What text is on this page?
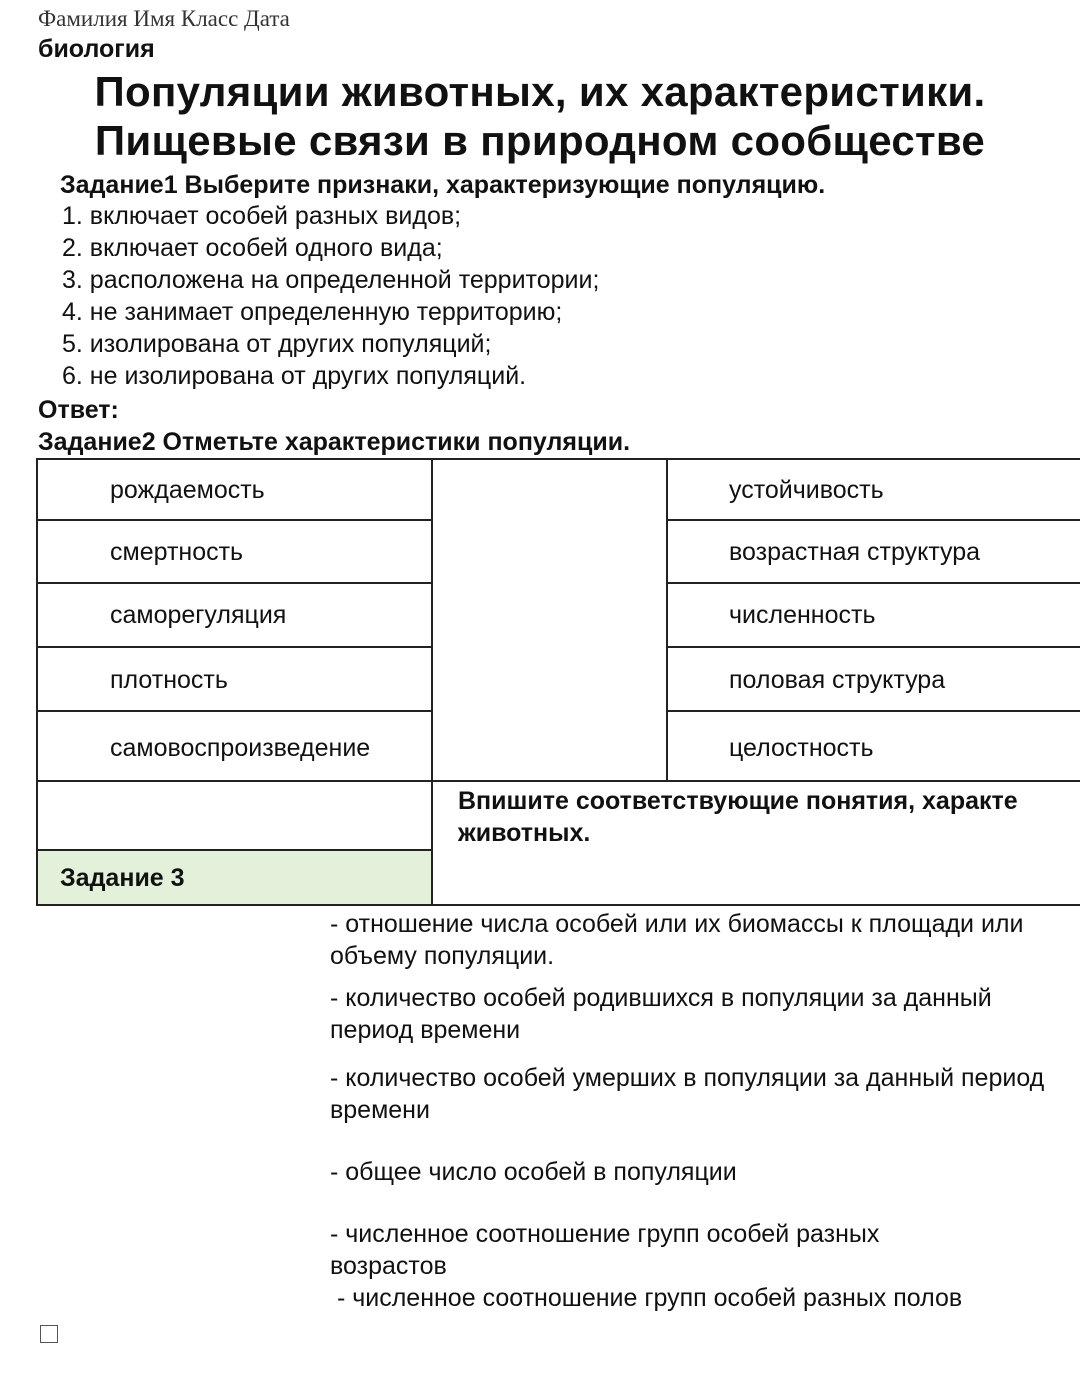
Фамилия Имя Класс Дата
биология
Популяции животных, их характеристики.
Пищевые связи в природном сообществе
Задание1 Выберите признаки, характеризующие популяцию.
1. включает особей разных видов;
2. включает особей одного вида;
3. расположена на определенной территории;
4. не занимает определенную территорию;
5. изолирована от других популяций;
6. не изолирована от других популяций.
Ответ:
Задание2 Отметьте характеристики популяции.
рождаемость
смертность
саморегуляция
плотность
самовоспроизведение
устойчивость
возрастная структура
численность
половая структура
целостность
Задание 3
Впишите соответствующие понятия, характе
животных.
- отношение числа особей или их биомассы к площади или объему популяции.
- количество особей родившихся в популяции за данный период времени
- количество особей умерших в популяции за данный период времени
- общее число особей в популяции
- численное соотношение групп особей разных возрастов
- численное соотношение групп особей разных полов
